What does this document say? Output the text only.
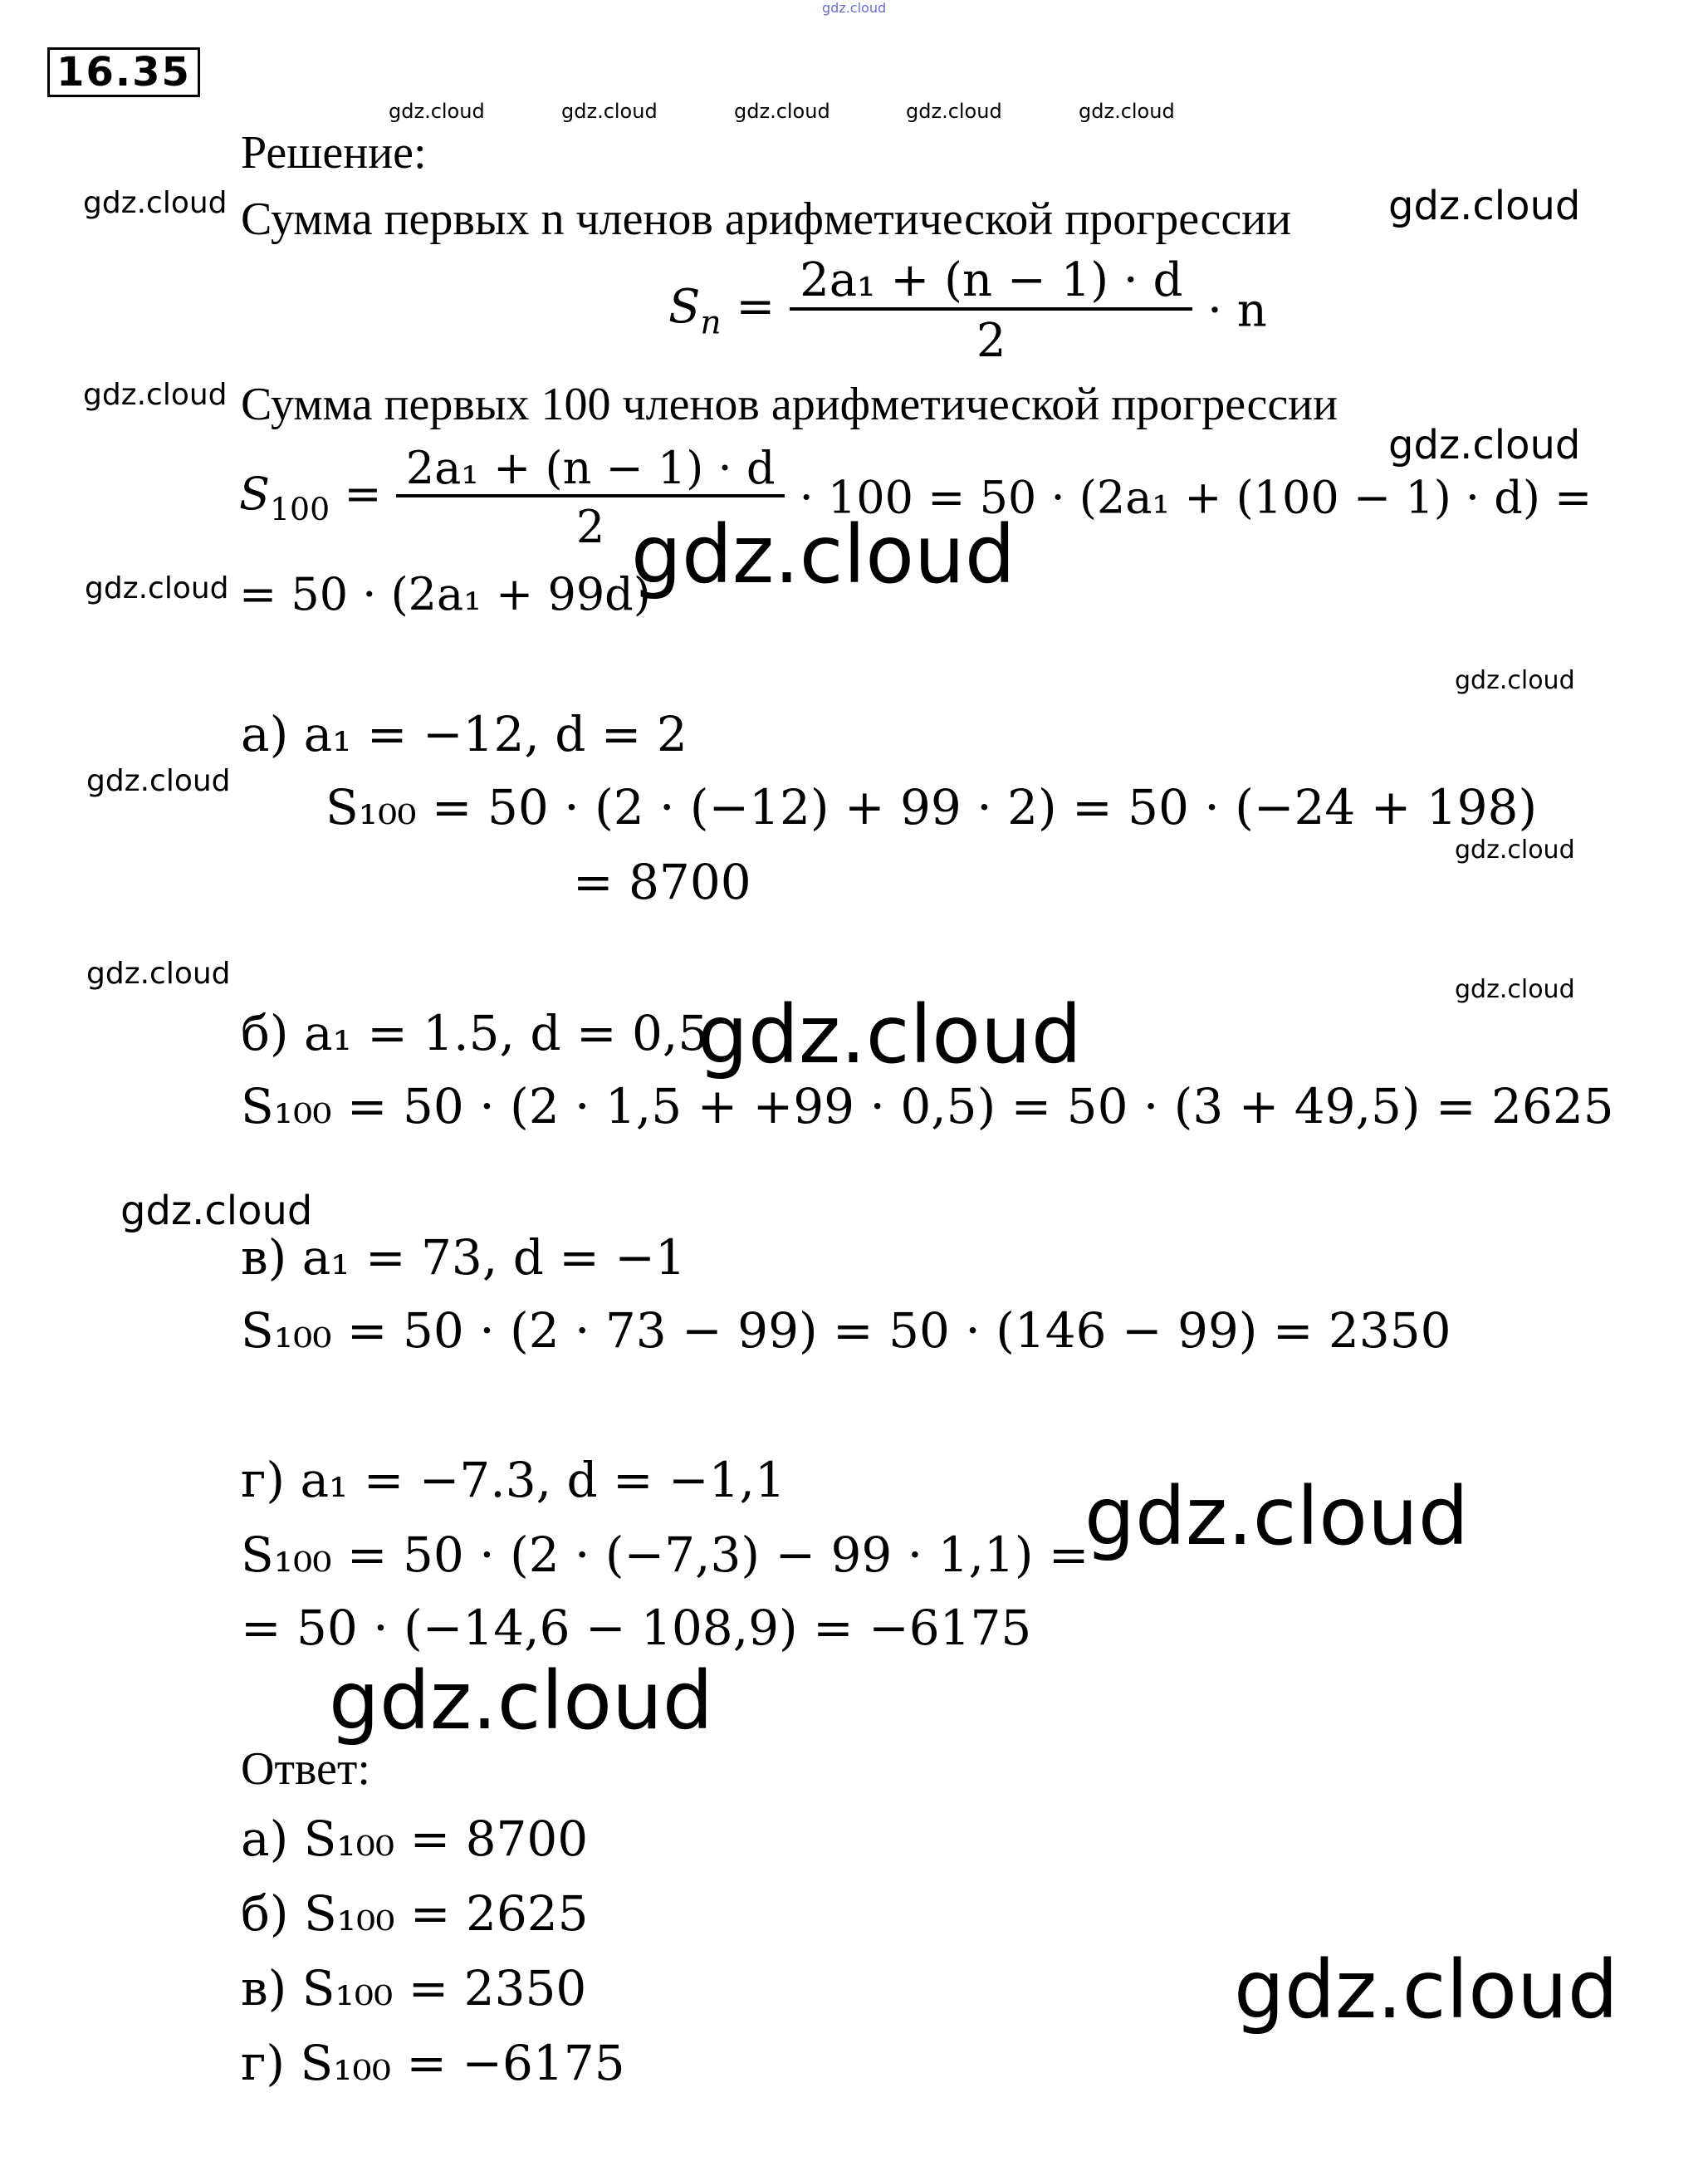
gdz.cloud
16.35
gdz.cloud	gdz.cloud	gdz.cloud	gdz.cloud	gdz.cloud
Решение:
gdz.cloud Сумма первых n членов арифметической прогрессии gdz.cloud
$S_n = \frac{\text{2a₁ + (n − 1) · d}}{2} \cdot n$
gdz.cloud Сумма первых 100 членов арифметической прогрессии
gdz.cloud
$S_{100} = \frac{\text{2a₁ + (n − 1) · d}}{2} \cdot 100 = 50 \cdot (2a_1 + (100 - 1) \cdot d)$ =
gdz.cloud
gdz.cloud = 50 · (2a₁ + 99d)
gdz.cloud
а) a₁ = −12, d = 2
gdz.cloud S₁₀₀ = 50 · (2 · (−12) + 99 · 2) = 50 · (−24 + 198)
gdz.cloud
= 8700
gdz.cloud	gdz.cloud
б) a₁ = 1.5, d = 0,5
gdz.cloud
S₁₀₀ = 50 · (2 · 1,5 + +99 · 0,5) = 50 · (3 + 49,5) = 2625
gdz.cloud
в) a₁ = 73, d = −1
S₁₀₀ = 50 · (2 · 73 − 99) = 50 · (146 − 99) = 2350
г) a₁ = −7.3, d = −1,1	gdz.cloud
S₁₀₀ = 50 · (2 · (−7,3) − 99 · 1,1) =
= 50 · (−14,6 − 108,9) = −6175
gdz.cloud
Ответ:
а) S₁₀₀ = 8700
б) S₁₀₀ = 2625
в) S₁₀₀ = 2350
г) S₁₀₀ = −6175
gdz.cloud
